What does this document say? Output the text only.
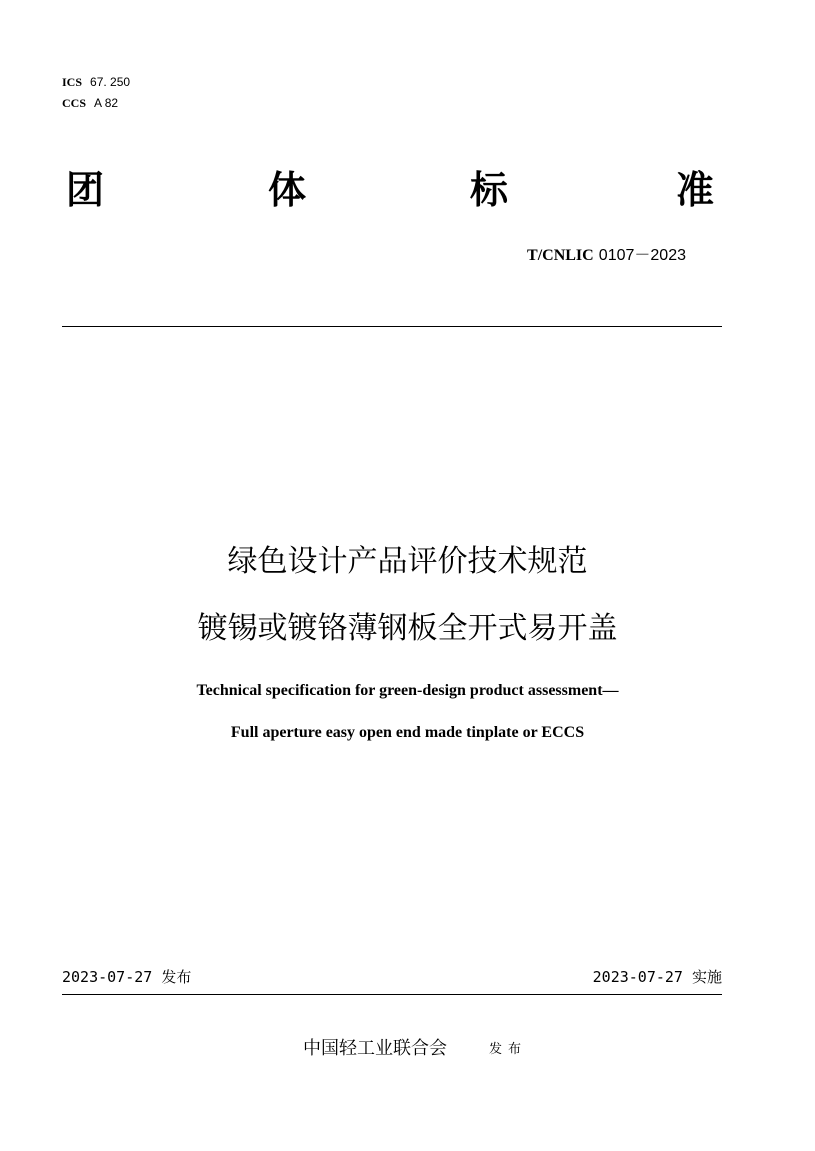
ICS 67. 250
CCS A 82
团	体	标	准
T/CNLIC 0107－2023
绿色设计产品评价技术规范
镀锡或镀铬薄钢板全开式易开盖
Technical specification for green-design product assessment—
Full aperture easy open end made tinplate or ECCS
2023-07-27 发布	2023-07-27 实施
中国轻工业联合会	发布
